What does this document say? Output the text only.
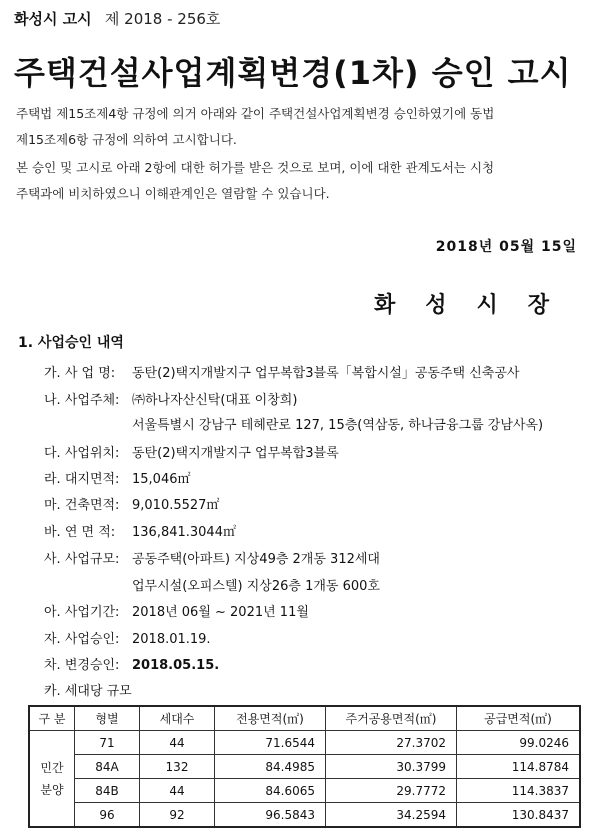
화성시 고시 제 2018 - 256호
주택건설사업계획변경(1차) 승인 고시
주택법 제15조제4항 규정에 의거 아래와 같이 주택건설사업계획변경 승인하였기에 동법
제15조제6항 규정에 의하여 고시합니다.
본 승인 및 고시로 아래 2항에 대한 허가를 받은 것으로 보며, 이에 대한 관계도서는 시청
주택과에 비치하였으니 이해관계인은 열람할 수 있습니다.
2018년 05월 15일
화성시장
1. 사업승인 내역
가. 사 업 명: 동탄(2)택지개발지구 업무복합3블록「복합시설」공동주택 신축공사
나. 사업주체: ㈜하나자산신탁(대표 이창희)
서울특별시 강남구 테헤란로 127, 15층(역삼동, 하나금융그룹 강남사옥)
다. 사업위치: 동탄(2)택지개발지구 업무복합3블록
라. 대지면적: 15,046㎡
마. 건축면적: 9,010.5527㎡
바. 연 면 적: 136,841.3044㎡
사. 사업규모: 공동주택(아파트) 지상49층 2개동 312세대
업무시설(오피스텔) 지상26층 1개동 600호
아. 사업기간: 2018년 06월 ~ 2021년 11월
자. 사업승인: 2018.01.19.
차. 변경승인: 2018.05.15.
카. 세대당 규모
구 분	형별	세대수	전용면적(㎡)	주거공용면적(㎡)	공급면적(㎡)
민간분양	71	44	71.6544	27.3702	99.0246
	84A	132	84.4985	30.3799	114.8784
	84B	44	84.6065	29.7772	114.3837
	96	92	96.5843	34.2594	130.8437
